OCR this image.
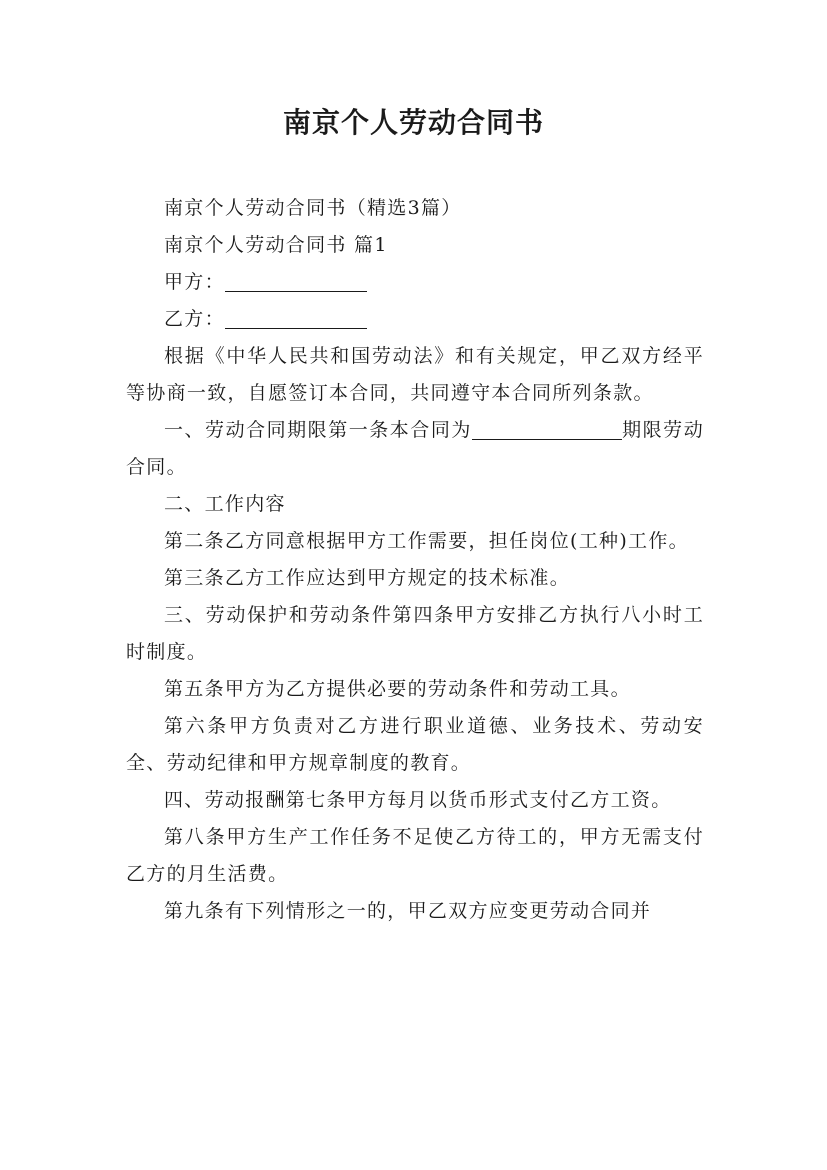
南京个人劳动合同书

南京个人劳动合同书（精选3篇）

南京个人劳动合同书 篇1

甲方：

乙方：

根据《中华人民共和国劳动法》和有关规定，甲乙双方经平等协商一致，自愿签订本合同，共同遵守本合同所列条款。

一、劳动合同期限第一条本合同为	期限劳动合同。

二、工作内容

第二条乙方同意根据甲方工作需要，担任岗位(工种)工作。

第三条乙方工作应达到甲方规定的技术标准。

三、劳动保护和劳动条件第四条甲方安排乙方执行八小时工时制度。

第五条甲方为乙方提供必要的劳动条件和劳动工具。

第六条甲方负责对乙方进行职业道德、业务技术、劳动安全、劳动纪律和甲方规章制度的教育。

四、劳动报酬第七条甲方每月以货币形式支付乙方工资。

第八条甲方生产工作任务不足使乙方待工的，甲方无需支付乙方的月生活费。

第九条有下列情形之一的，甲乙双方应变更劳动合同并
